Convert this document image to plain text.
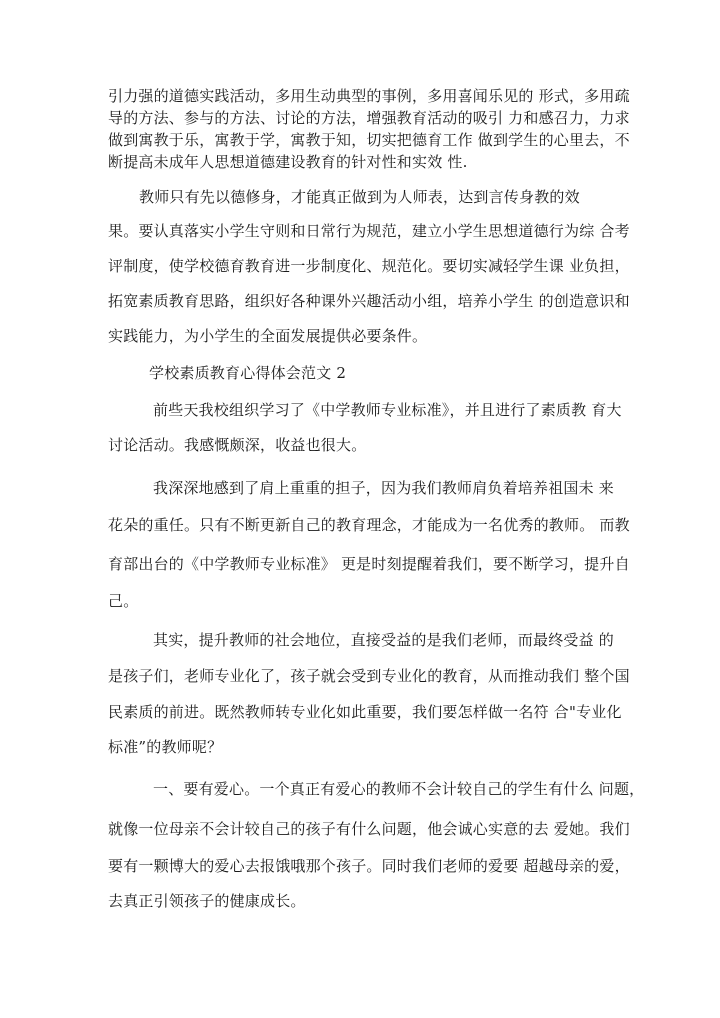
引力强的道德实践活动，多用生动典型的事例，多用喜闻乐见的 形式，多用疏
导的方法、参与的方法、讨论的方法，增强教育活动的吸引 力和感召力，力求
做到寓教于乐，寓教于学，寓教于知，切实把德育工作 做到学生的心里去，不
断提高未成年人思想道德建设教育的针对性和实效 性.
教师只有先以德修身，才能真正做到为人师表，达到言传身教的效
果。要认真落实小学生守则和日常行为规范，建立小学生思想道德行为综 合考
评制度，使学校德育教育进一步制度化、规范化。要切实减轻学生课 业负担，
拓宽素质教育思路，组织好各种课外兴趣活动小组，培养小学生 的创造意识和
实践能力，为小学生的全面发展提供必要条件。
学校素质教育心得体会范文 2
前些天我校组织学习了《中学教师专业标准》，并且进行了素质教 育大
讨论活动。我感慨颇深，收益也很大。
我深深地感到了肩上重重的担子，因为我们教师肩负着培养祖国未 来
花朵的重任。只有不断更新自己的教育理念，才能成为一名优秀的教师。 而教
育部出台的《中学教师专业标准》 更是时刻提醒着我们，要不断学习，提升自
己。
其实，提升教师的社会地位，直接受益的是我们老师，而最终受益 的
是孩子们，老师专业化了，孩子就会受到专业化的教育，从而推动我们 整个国
民素质的前进。既然教师转专业化如此重要，我们要怎样做一名符 合"专业化
标准”的教师呢？
一、要有爱心。一个真正有爱心的教师不会计较自己的学生有什么 问题，
就像一位母亲不会计较自己的孩子有什么问题，他会诚心实意的去 爱她。我们
要有一颗博大的爱心去报饿哦那个孩子。同时我们老师的爱要 超越母亲的爱，
去真正引领孩子的健康成长。
